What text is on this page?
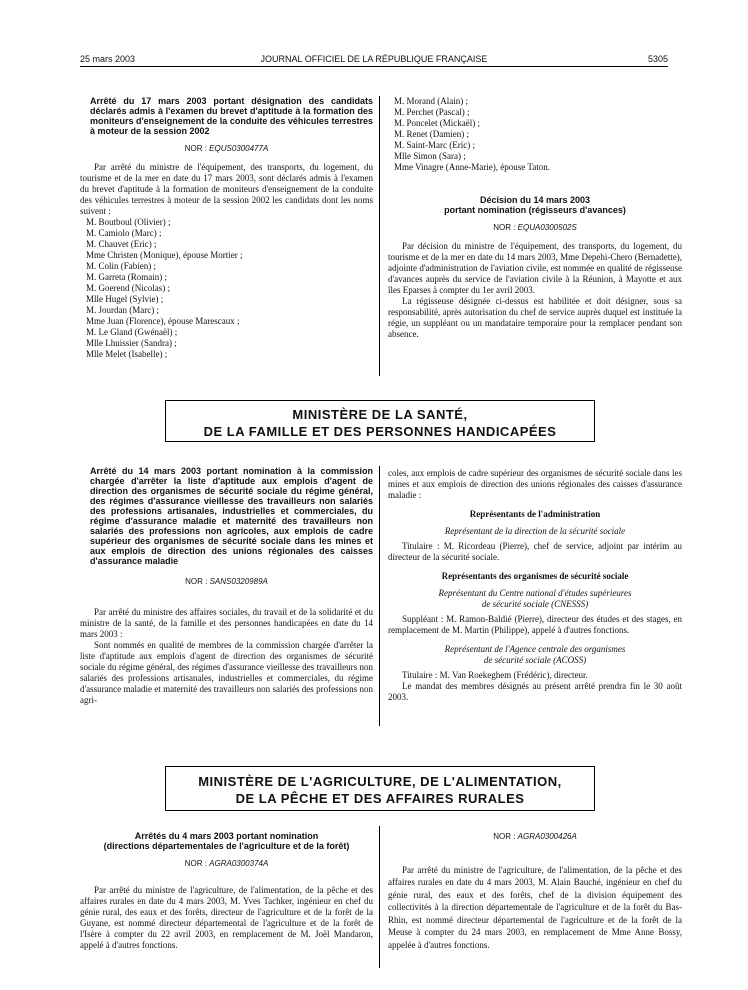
25 mars 2003	JOURNAL OFFICIEL DE LA RÉPUBLIQUE FRANÇAISE	5305
Arrêté du 17 mars 2003 portant désignation des candidats déclarés admis à l'examen du brevet d'aptitude à la formation des moniteurs d'enseignement de la conduite des véhicules terrestres à moteur de la session 2002
NOR : EQUS0300477A

Par arrêté du ministre de l'équipement, des transports, du logement, du tourisme et de la mer en date du 17 mars 2003, sont déclarés admis à l'examen du brevet d'aptitude à la formation de moniteurs d'enseignement de la conduite des véhicules terrestres à moteur de la session 2002 les candidats dont les noms suivent :

M. Boutboul (Olivier) ;
M. Camiolo (Marc) ;
M. Chauvet (Eric) ;
Mme Christen (Monique), épouse Mortier ;
M. Colin (Fabien) ;
M. Garreta (Romain) ;
M. Goerend (Nicolas) ;
Mlle Hugel (Sylvie) ;
M. Jourdan (Marc) ;
Mme Juan (Florence), épouse Marescaux ;
M. Le Gland (Gwénaël) ;
Mlle Lhuissier (Sandra) ;
Mlle Melet (Isabelle) ;
M. Morand (Alain) ;
M. Perchet (Pascal) ;
M. Poncelet (Mickaël) ;
M. Renet (Damien) ;
M. Saint-Marc (Eric) ;
Mlle Simon (Sara) ;
Mme Vinagre (Anne-Marie), épouse Taton.
Décision du 14 mars 2003
portant nomination (régisseurs d'avances)
NOR : EQUA0300502S

Par décision du ministre de l'équipement, des transports, du logement, du tourisme et de la mer en date du 14 mars 2003, Mme Depehi-Chero (Bernadette), adjointe d'administration de l'aviation civile, est nommée en qualité de régisseuse d'avances auprès du service de l'aviation civile à la Réunion, à Mayotte et aux îles Eparses à compter du 1er avril 2003.

La régisseuse désignée ci-dessus est habilitée et doit désigner, sous sa responsabilité, après autorisation du chef de service auprès duquel est instituée la régie, un suppléant ou un mandataire temporaire pour la remplacer pendant son absence.

MINISTÈRE DE LA SANTÉ,
DE LA FAMILLE ET DES PERSONNES HANDICAPÉES
Arrêté du 14 mars 2003 portant nomination à la commission chargée d'arrêter la liste d'aptitude aux emplois d'agent de direction des organismes de sécurité sociale du régime général, des régimes d'assurance vieillesse des travailleurs non salariés des professions artisanales, industrielles et commerciales, du régime d'assurance maladie et maternité des travailleurs non salariés des professions non agricoles, aux emplois de cadre supérieur des organismes de sécurité sociale dans les mines et aux emplois de direction des unions régionales des caisses d'assurance maladie
NOR : SANS0320989A

Par arrêté du ministre des affaires sociales, du travail et de la solidarité et du ministre de la santé, de la famille et des personnes handicapées en date du 14 mars 2003 :

Sont nommés en qualité de membres de la commission chargée d'arrêter la liste d'aptitude aux emplois d'agent de direction des organismes de sécurité sociale du régime général, des régimes d'assurance vieillesse des travailleurs non salariés des professions artisanales, industrielles et commerciales, du régime d'assurance maladie et maternité des travailleurs non salariés des professions non agri-

coles, aux emplois de cadre supérieur des organismes de sécurité sociale dans les mines et aux emplois de direction des unions régionales des caisses d'assurance maladie :

Représentants de l'administration
Représentant de la direction de la sécurité sociale

Titulaire : M. Ricordeau (Pierre), chef de service, adjoint par intérim au directeur de la sécurité sociale.

Représentants des organismes de sécurité sociale
Représentant du Centre national d'études supérieures
de sécurité sociale (CNESSS)

Suppléant : M. Ramon-Baldié (Pierre), directeur des études et des stages, en remplacement de M. Martin (Philippe), appelé à d'autres fonctions.

Représentant de l'Agence centrale des organismes
de sécurité sociale (ACOSS)

Titulaire : M. Van Roekeghem (Frédéric), directeur.

Le mandat des membres désignés au présent arrêté prendra fin le 30 août 2003.

MINISTÈRE DE L'AGRICULTURE, DE L'ALIMENTATION,
DE LA PÊCHE ET DES AFFAIRES RURALES
Arrêtés du 4 mars 2003 portant nomination
(directions départementales de l'agriculture et de la forêt)
NOR : AGRA0300374A

Par arrêté du ministre de l'agriculture, de l'alimentation, de la pêche et des affaires rurales en date du 4 mars 2003, M. Yves Tachker, ingénieur en chef du génie rural, des eaux et des forêts, directeur de l'agriculture et de la forêt de la Guyane, est nommé directeur départemental de l'agriculture et de la forêt de l'Isère à compter du 22 avril 2003, en remplacement de M. Joël Mandaron, appelé à d'autres fonctions.

NOR : AGRA0300426A

Par arrêté du ministre de l'agriculture, de l'alimentation, de la pêche et des affaires rurales en date du 4 mars 2003, M. Alain Bauché, ingénieur en chef du génie rural, des eaux et des forêts, chef de la division équipement des collectivités à la direction départementale de l'agriculture et de la forêt du Bas-Rhin, est nommé directeur départemental de l'agriculture et de la forêt de la Meuse à compter du 24 mars 2003, en remplacement de Mme Anne Bossy, appelée à d'autres fonctions.
